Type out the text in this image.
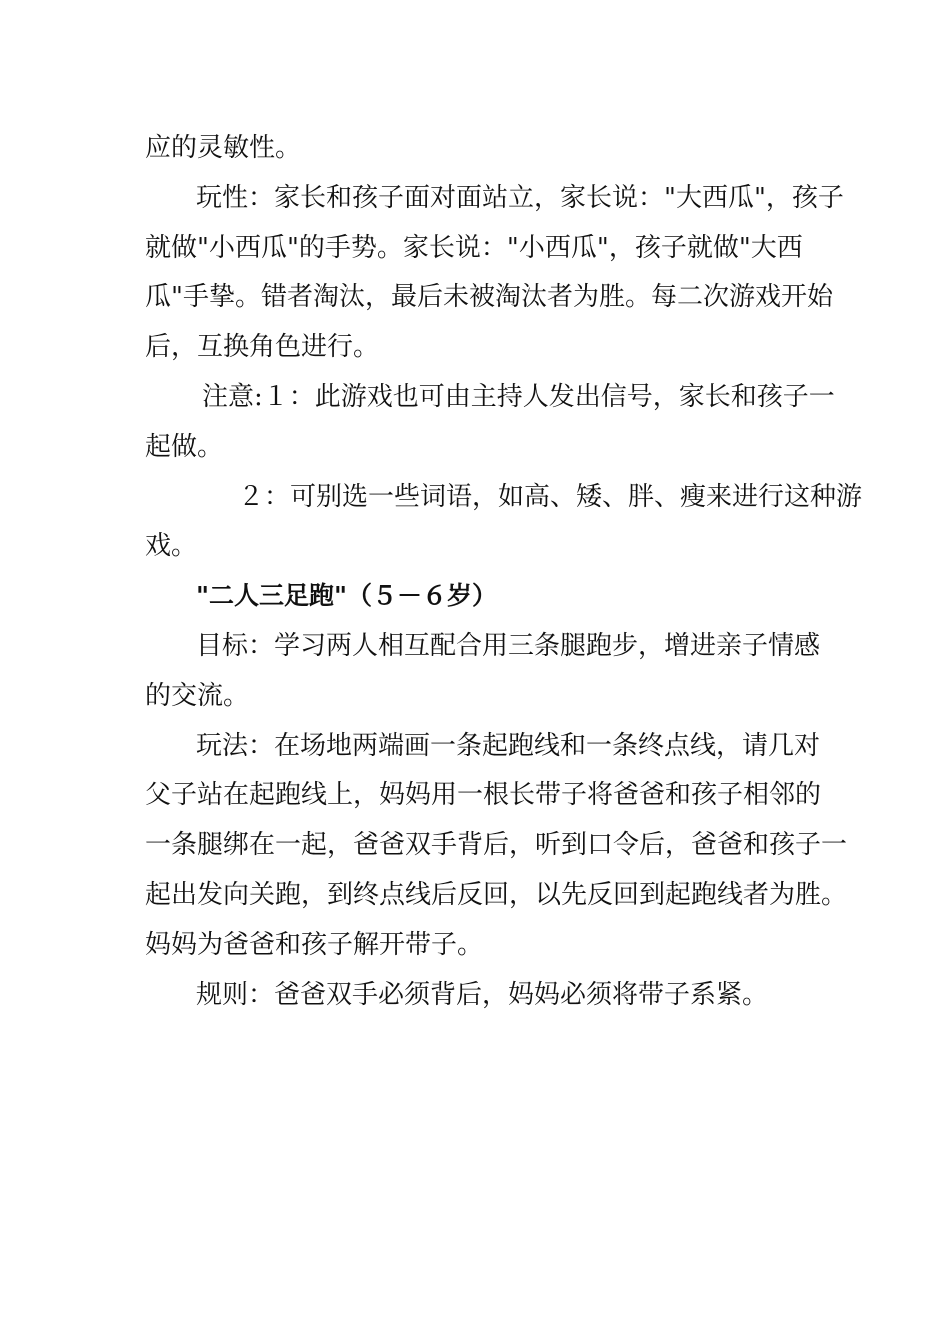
应的灵敏性。
玩性：家长和孩子面对面站立，家长说："大西瓜"，孩子
就做"小西瓜"的手势。家长说："小西瓜"，孩子就做"大西
瓜"手挚。错者淘汰，最后未被淘汰者为胜。每二次游戏开始
后，互换角色进行。
注意:１：此游戏也可由主持人发出信号，家长和孩子一
起做。
２：可别选一些词语，如高、矮、胖、瘦来进行这种游
戏。
"二人三足跑"（５－６岁）
目标：学习两人相互配合用三条腿跑步，增进亲子情感
的交流。
玩法：在场地两端画一条起跑线和一条终点线，请几对
父子站在起跑线上，妈妈用一根长带子将爸爸和孩子相邻的
一条腿绑在一起，爸爸双手背后，听到口令后，爸爸和孩子一
起出发向关跑，到终点线后反回，以先反回到起跑线者为胜。
妈妈为爸爸和孩子解开带子。
规则：爸爸双手必须背后，妈妈必须将带子系紧。
